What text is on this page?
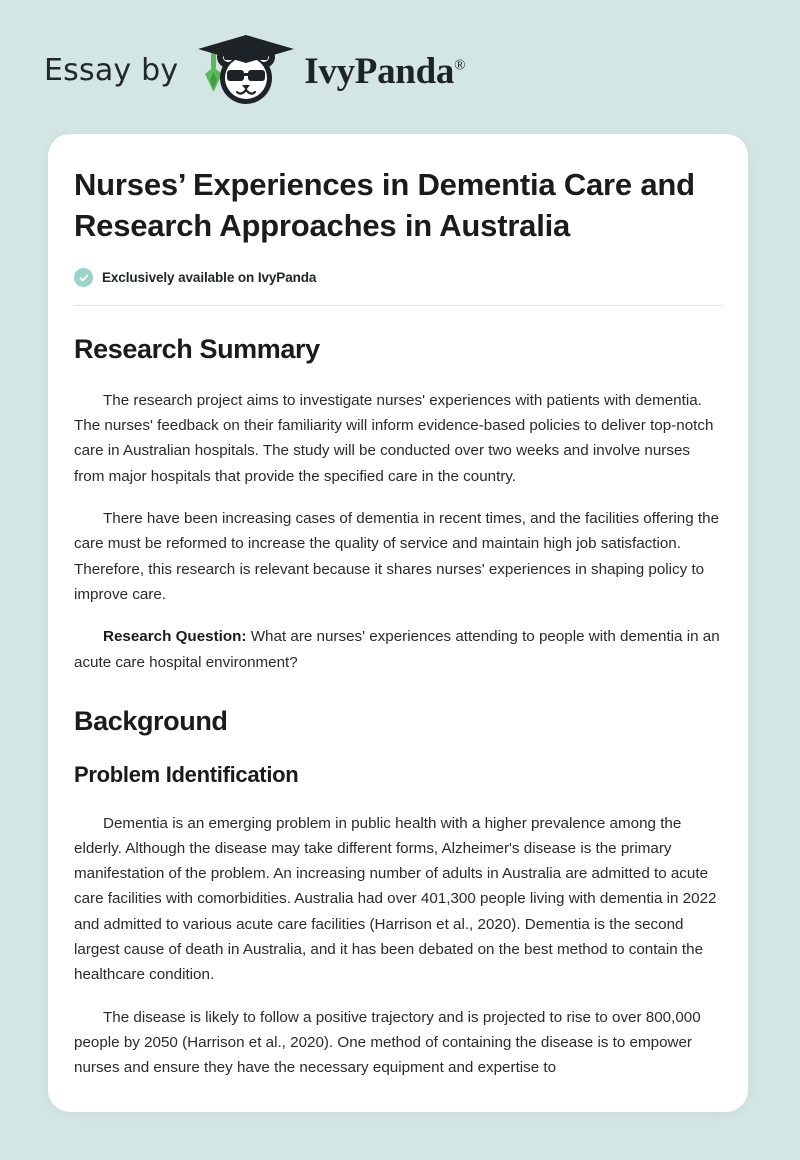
Essay by	IvyPanda®
Nurses’ Experiences in Dementia Care and Research Approaches in Australia
Exclusively available on IvyPanda
Research Summary

The research project aims to investigate nurses' experiences with patients with dementia. The nurses' feedback on their familiarity will inform evidence-based policies to deliver top-notch care in Australian hospitals. The study will be conducted over two weeks and involve nurses from major hospitals that provide the specified care in the country.

There have been increasing cases of dementia in recent times, and the facilities offering the care must be reformed to increase the quality of service and maintain high job satisfaction. Therefore, this research is relevant because it shares nurses' experiences in shaping policy to improve care.

Research Question: What are nurses' experiences attending to people with dementia in an acute care hospital environment?

Background
Problem Identification

Dementia is an emerging problem in public health with a higher prevalence among the elderly. Although the disease may take different forms, Alzheimer's disease is the primary manifestation of the problem. An increasing number of adults in Australia are admitted to acute care facilities with comorbidities. Australia had over 401,300 people living with dementia in 2022 and admitted to various acute care facilities (Harrison et al., 2020). Dementia is the second largest cause of death in Australia, and it has been debated on the best method to contain the healthcare condition.

The disease is likely to follow a positive trajectory and is projected to rise to over 800,000 people by 2050 (Harrison et al., 2020). One method of containing the disease is to empower nurses and ensure they have the necessary equipment and expertise to
